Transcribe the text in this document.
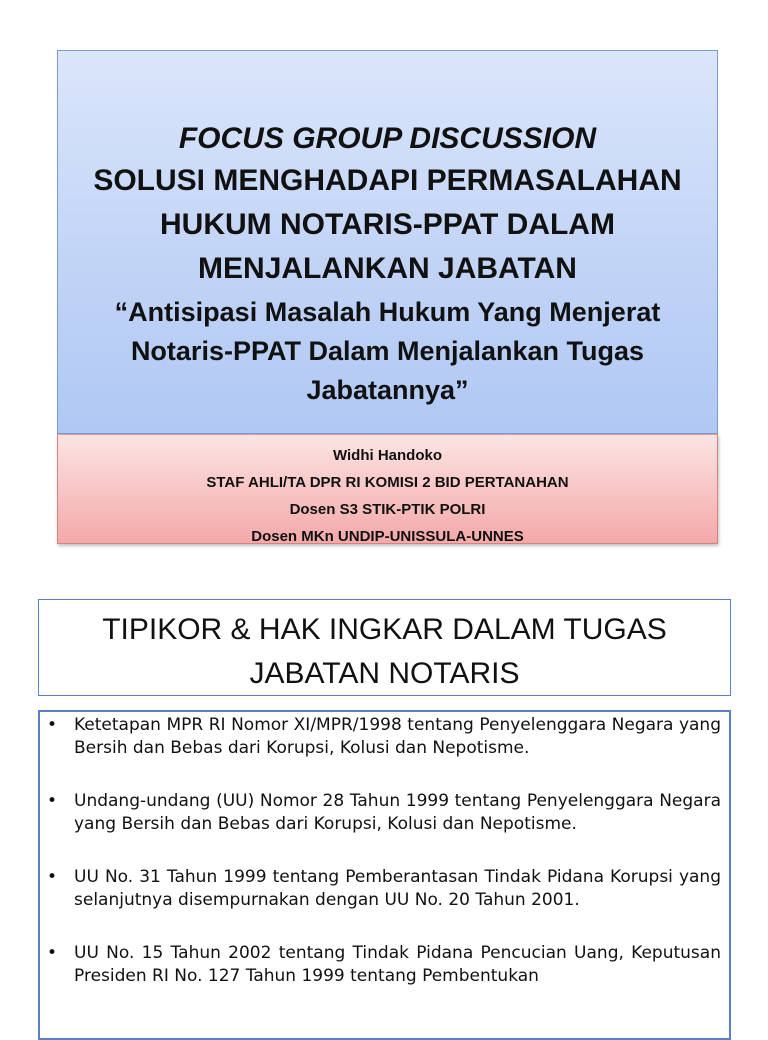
FOCUS GROUP DISCUSSION
SOLUSI MENGHADAPI PERMASALAHAN HUKUM NOTARIS-PPAT DALAM MENJALANKAN JABATAN
“Antisipasi Masalah Hukum Yang Menjerat Notaris-PPAT Dalam Menjalankan Tugas Jabatannya”
Widhi Handoko
STAF AHLI/TA DPR RI KOMISI 2 BID PERTANAHAN
Dosen S3 STIK-PTIK POLRI
Dosen MKn UNDIP-UNISSULA-UNNES
TIPIKOR & HAK INGKAR DALAM TUGAS JABATAN NOTARIS
• Ketetapan MPR RI Nomor XI/MPR/1998 tentang Penyelenggara Negara yang Bersih dan Bebas dari Korupsi, Kolusi dan Nepotisme.
• Undang-undang (UU) Nomor 28 Tahun 1999 tentang Penyelenggara Negara yang Bersih dan Bebas dari Korupsi, Kolusi dan Nepotisme.
• UU No. 31 Tahun 1999 tentang Pemberantasan Tindak Pidana Korupsi yang selanjutnya disempurnakan dengan UU No. 20 Tahun 2001.
• UU No. 15 Tahun 2002 tentang Tindak Pidana Pencucian Uang, Keputusan Presiden RI No. 127 Tahun 1999 tentang Pembentukan
